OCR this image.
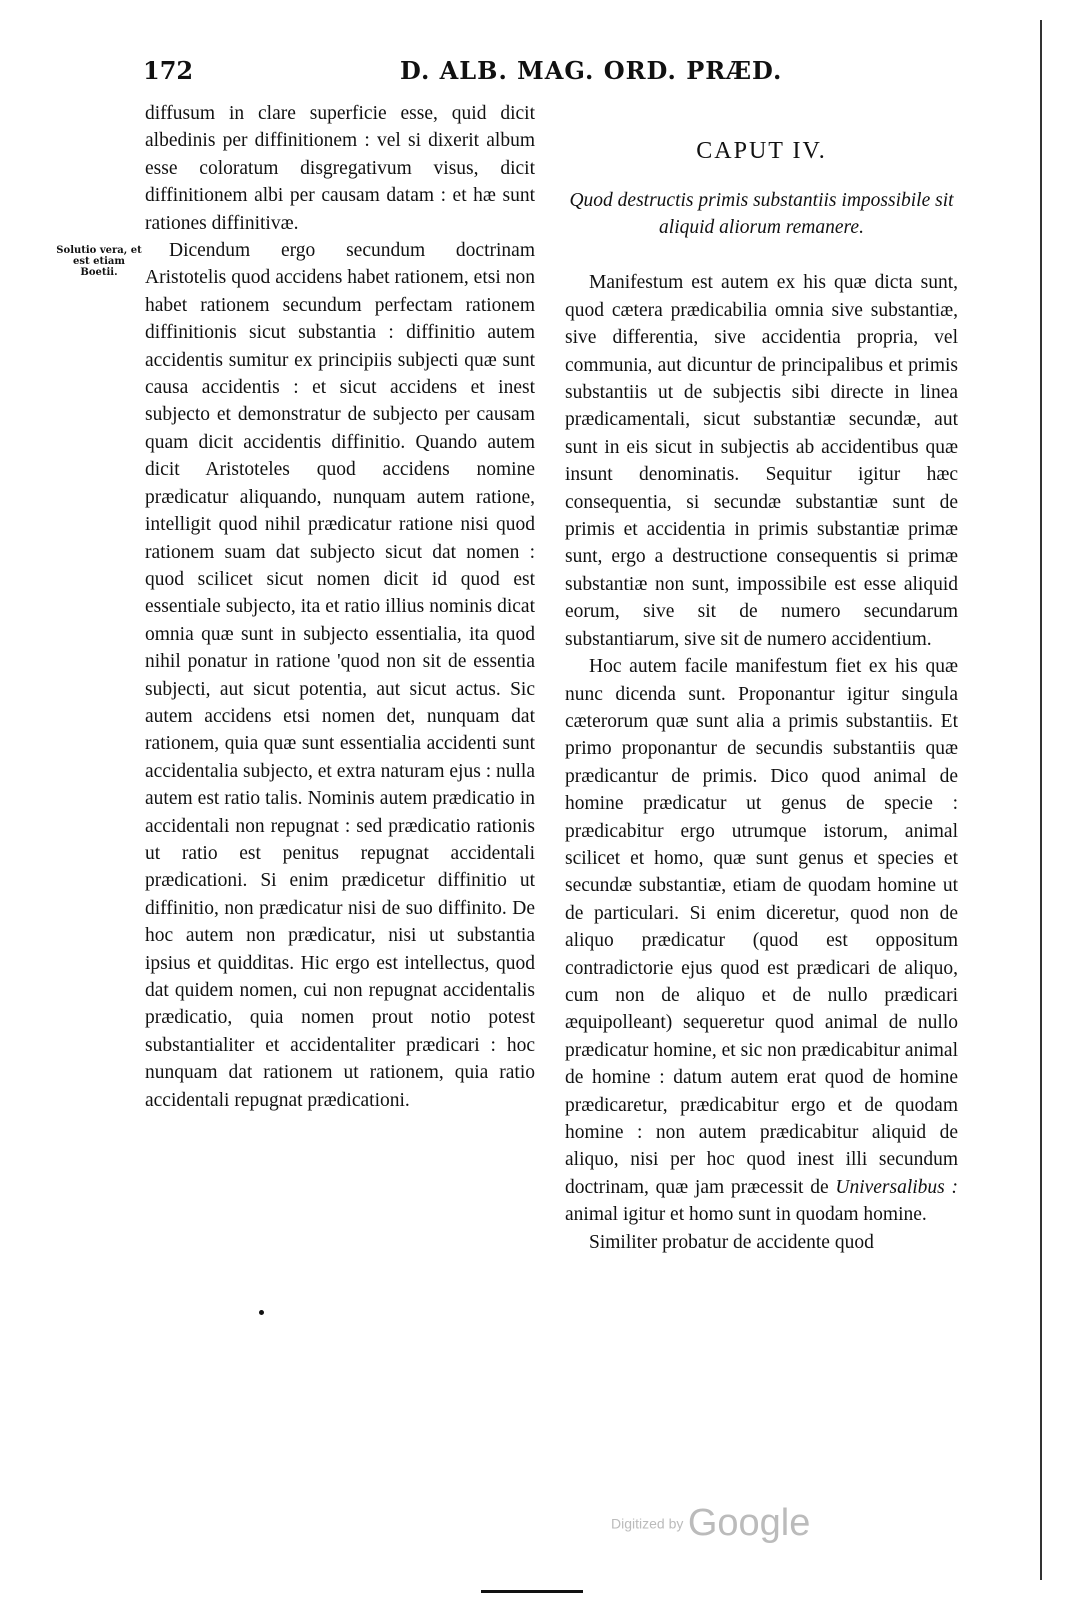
172	D. ALB. MAG. ORD. PRÆD.
Solutio vera, et est etiam Boetii.

diffusum in clare superficie esse, quid dicit albedinis per diffinitionem : vel si dixerit album esse coloratum disgregativum visus, dicit diffinitionem albi per causam datam : et hæ sunt rationes diffinitivæ.

Dicendum ergo secundum doctrinam Aristotelis quod accidens habet rationem, etsi non habet rationem secundum perfectam rationem diffinitionis sicut substantia : diffinitio autem accidentis sumitur ex principiis subjecti quæ sunt causa accidentis : et sicut accidens et inest subjecto et demonstratur de subjecto per causam quam dicit accidentis diffinitio. Quando autem dicit Aristoteles quod accidens nomine prædicatur aliquando, nunquam autem ratione, intelligit quod nihil prædicatur ratione nisi quod rationem suam dat subjecto sicut dat nomen : quod scilicet sicut nomen dicit id quod est essentiale subjecto, ita et ratio illius nominis dicat omnia quæ sunt in subjecto essentialia, ita quod nihil ponatur in ratione 'quod non sit de essentia subjecti, aut sicut potentia, aut sicut actus. Sic autem accidens etsi nomen det, nunquam dat rationem, quia quæ sunt essentialia accidenti sunt accidentalia subjecto, et extra naturam ejus : nulla autem est ratio talis. Nominis autem prædicatio in accidentali non repugnat : sed prædicatio rationis ut ratio est penitus repugnat accidentali prædicationi. Si enim prædicetur diffinitio ut diffinitio, non prædicatur nisi de suo diffinito. De hoc autem non prædicatur, nisi ut substantia ipsius et quidditas. Hic ergo est intellectus, quod dat quidem nomen, cui non repugnat accidentalis prædicatio, quia nomen prout notio potest substantialiter et accidentaliter prædicari : hoc nunquam dat rationem ut rationem, quia ratio accidentali repugnat prædicationi.

CAPUT IV.
Quod destructis primis substantiis impossibile sit aliquid aliorum remanere.

Manifestum est autem ex his quæ dicta sunt, quod cætera prædicabilia omnia sive substantiæ, sive differentia, sive accidentia propria, vel communia, aut dicuntur de principalibus et primis substantiis ut de subjectis sibi directe in linea prædicamentali, sicut substantiæ secundæ, aut sunt in eis sicut in subjectis ab accidentibus quæ insunt denominatis. Sequitur igitur hæc consequentia, si secundæ substantiæ sunt de primis et accidentia in primis substantiæ primæ sunt, ergo a destructione consequentis si primæ substantiæ non sunt, impossibile est esse aliquid eorum, sive sit de numero secundarum substantiarum, sive sit de numero accidentium.

Hoc autem facile manifestum fiet ex his quæ nunc dicenda sunt. Proponantur igitur singula cæterorum quæ sunt alia a primis substantiis. Et primo proponantur de secundis substantiis quæ prædicantur de primis. Dico quod animal de homine prædicatur ut genus de specie : prædicabitur ergo utrumque istorum, animal scilicet et homo, quæ sunt genus et species et secundæ substantiæ, etiam de quodam homine ut de particulari. Si enim diceretur, quod non de aliquo prædicatur (quod est oppositum contradictorie ejus quod est prædicari de aliquo, cum non de aliquo et de nullo prædicari æquipolleant) sequeretur quod animal de nullo prædicatur homine, et sic non prædicabitur animal de homine : datum autem erat quod de homine prædicaretur, prædicabitur ergo et de quodam homine : non autem prædicabitur aliquid de aliquo, nisi per hoc quod inest illi secundum doctrinam, quæ jam præcessit de Universalibus : animal igitur et homo sunt in quodam homine.

Similiter probatur de accidente quod

Digitized by Google
